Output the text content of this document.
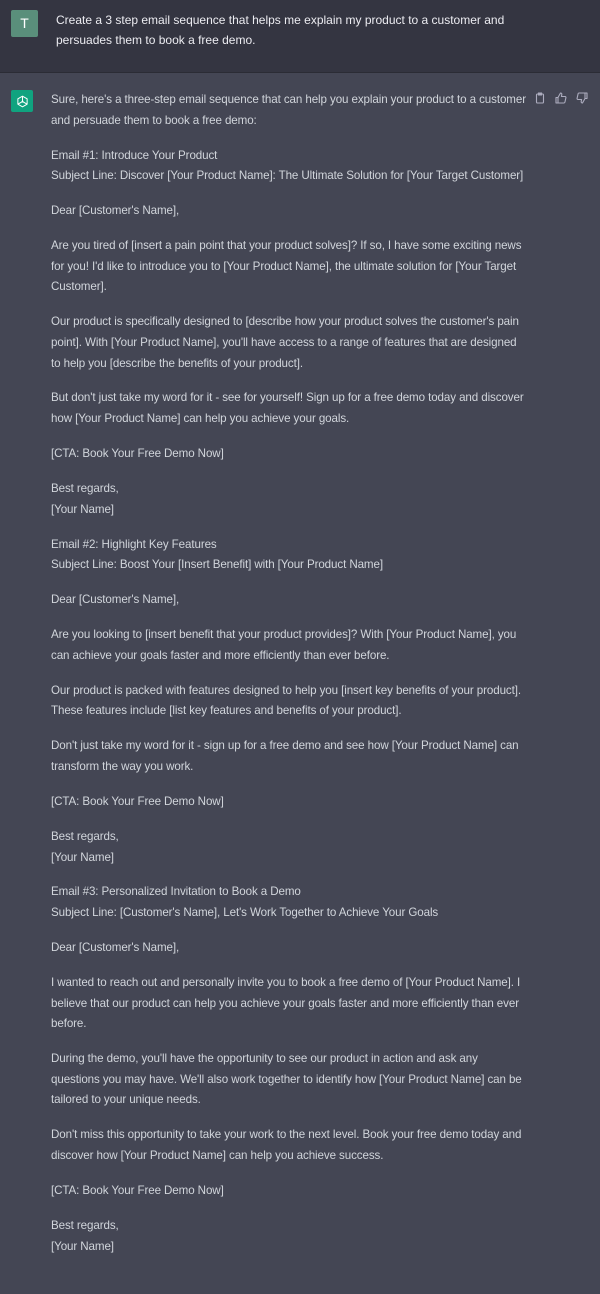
T	Create a 3 step email sequence that helps me explain my product to a customer and persuades them to book a free demo.

Sure, here's a three-step email sequence that can help you explain your product to a customer and persuade them to book a free demo:

Email #1: Introduce Your Product
Subject Line: Discover [Your Product Name]: The Ultimate Solution for [Your Target Customer]

Dear [Customer's Name],

Are you tired of [insert a pain point that your product solves]? If so, I have some exciting news for you! I'd like to introduce you to [Your Product Name], the ultimate solution for [Your Target Customer].

Our product is specifically designed to [describe how your product solves the customer's pain point]. With [Your Product Name], you'll have access to a range of features that are designed to help you [describe the benefits of your product].

But don't just take my word for it - see for yourself! Sign up for a free demo today and discover how [Your Product Name] can help you achieve your goals.

[CTA: Book Your Free Demo Now]

Best regards,
[Your Name]

Email #2: Highlight Key Features
Subject Line: Boost Your [Insert Benefit] with [Your Product Name]

Dear [Customer's Name],

Are you looking to [insert benefit that your product provides]? With [Your Product Name], you can achieve your goals faster and more efficiently than ever before.

Our product is packed with features designed to help you [insert key benefits of your product]. These features include [list key features and benefits of your product].

Don't just take my word for it - sign up for a free demo and see how [Your Product Name] can transform the way you work.

[CTA: Book Your Free Demo Now]

Best regards,
[Your Name]

Email #3: Personalized Invitation to Book a Demo
Subject Line: [Customer's Name], Let's Work Together to Achieve Your Goals

Dear [Customer's Name],

I wanted to reach out and personally invite you to book a free demo of [Your Product Name]. I believe that our product can help you achieve your goals faster and more efficiently than ever before.

During the demo, you'll have the opportunity to see our product in action and ask any questions you may have. We'll also work together to identify how [Your Product Name] can be tailored to your unique needs.

Don't miss this opportunity to take your work to the next level. Book your free demo today and discover how [Your Product Name] can help you achieve success.

[CTA: Book Your Free Demo Now]

Best regards,
[Your Name]
